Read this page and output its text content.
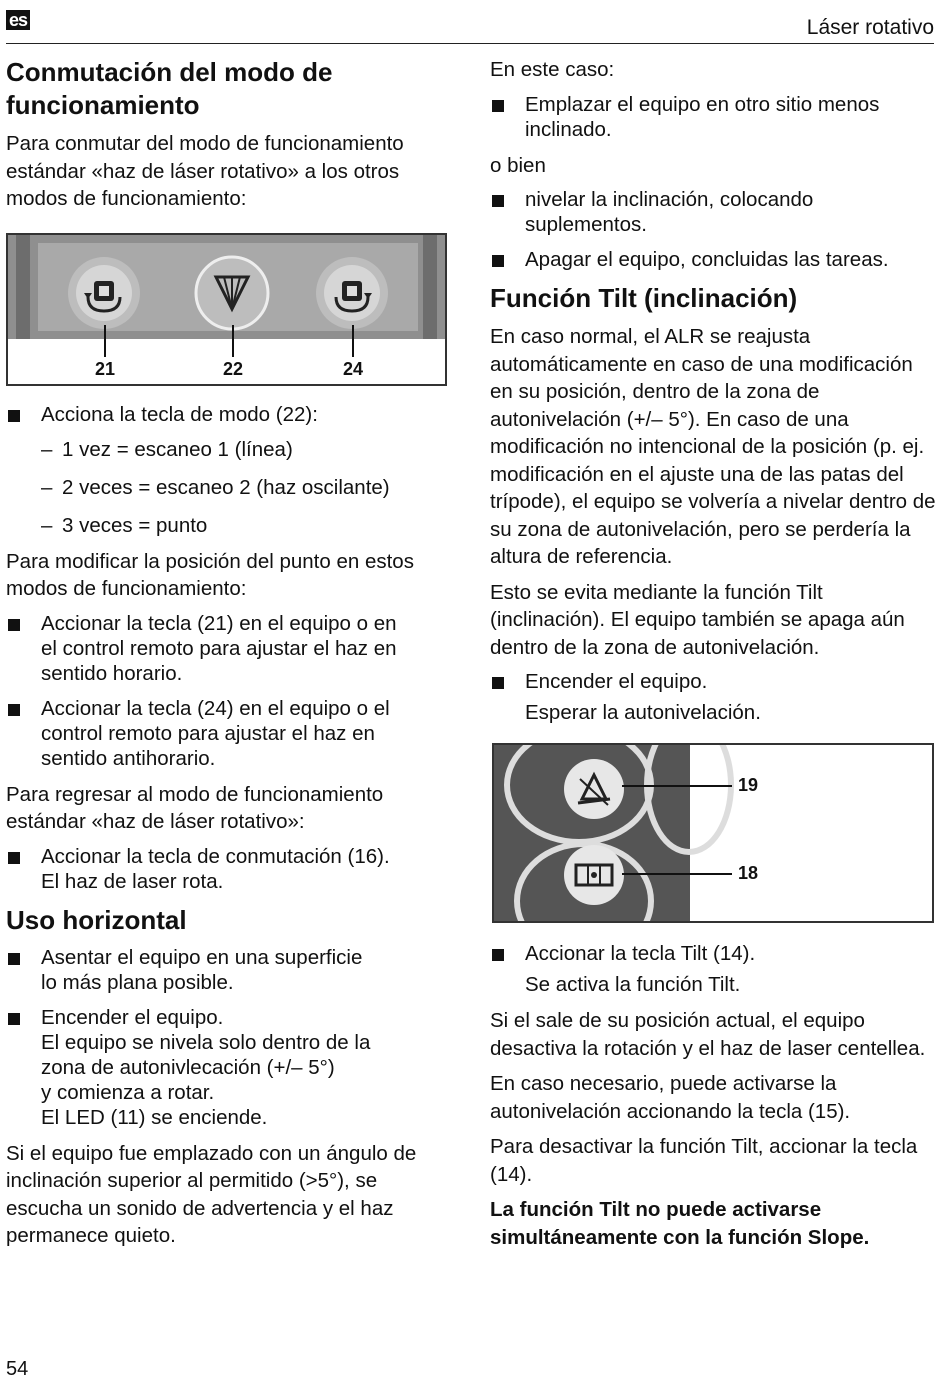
es	Láser rotativo
Conmutación del modo de funcionamiento

Para conmutar del modo de funcionamiento estándar «haz de láser rotativo» a los otros modos de funcionamiento:

21	22	24
Acciona la tecla de modo (22):
– 1 vez = escaneo 1 (línea)
– 2 veces = escaneo 2 (haz oscilante)
– 3 veces = punto

Para modificar la posición del punto en estos modos de funcionamiento:

Accionar la tecla (21) en el equipo o en
el control remoto para ajustar el haz en
sentido horario.
Accionar la tecla (24) en el equipo o el
control remoto para ajustar el haz en
sentido antihorario.

Para regresar al modo de funcionamiento estándar «haz de láser rotativo»:

Accionar la tecla de conmutación (16).
El haz de laser rota.
Uso horizontal
Asentar el equipo en una superficie
lo más plana posible.
Encender el equipo.
El equipo se nivela solo dentro de la
zona de autonivlecación (+/– 5°)
y comienza a rotar.
El LED (11) se enciende.

Si el equipo fue emplazado con un ángulo de inclinación superior al permitido (>5°), se escucha un sonido de advertencia y el haz permanece quieto.

En este caso:

Emplazar el equipo en otro sitio menos
inclinado.

o bien

nivelar la inclinación, colocando
suplementos.
Apagar el equipo, concluidas las tareas.
Función Tilt (inclinación)

En caso normal, el ALR se reajusta automáticamente en caso de una modificación en su posición, dentro de la zona de autonivelación (+/– 5°). En caso de una modificación no intencional de la posición (p. ej. modificación en el ajuste una de las patas del trípode), el equipo se volvería a nivelar dentro de su zona de autonivelación, pero se perdería la altura de referencia.

Esto se evita mediante la función Tilt (inclinación). El equipo también se apaga aún dentro de la zona de autonivelación.

Encender el equipo.
Esperar la autonivelación.
19
18
Accionar la tecla Tilt (14).
Se activa la función Tilt.

Si el sale de su posición actual, el equipo desactiva la rotación y el haz de laser centellea.

En caso necesario, puede activarse la autonivelación accionando la tecla (15).

Para desactivar la función Tilt, accionar la tecla (14).

La función Tilt no puede activarse simultáneamente con la función Slope.

54
